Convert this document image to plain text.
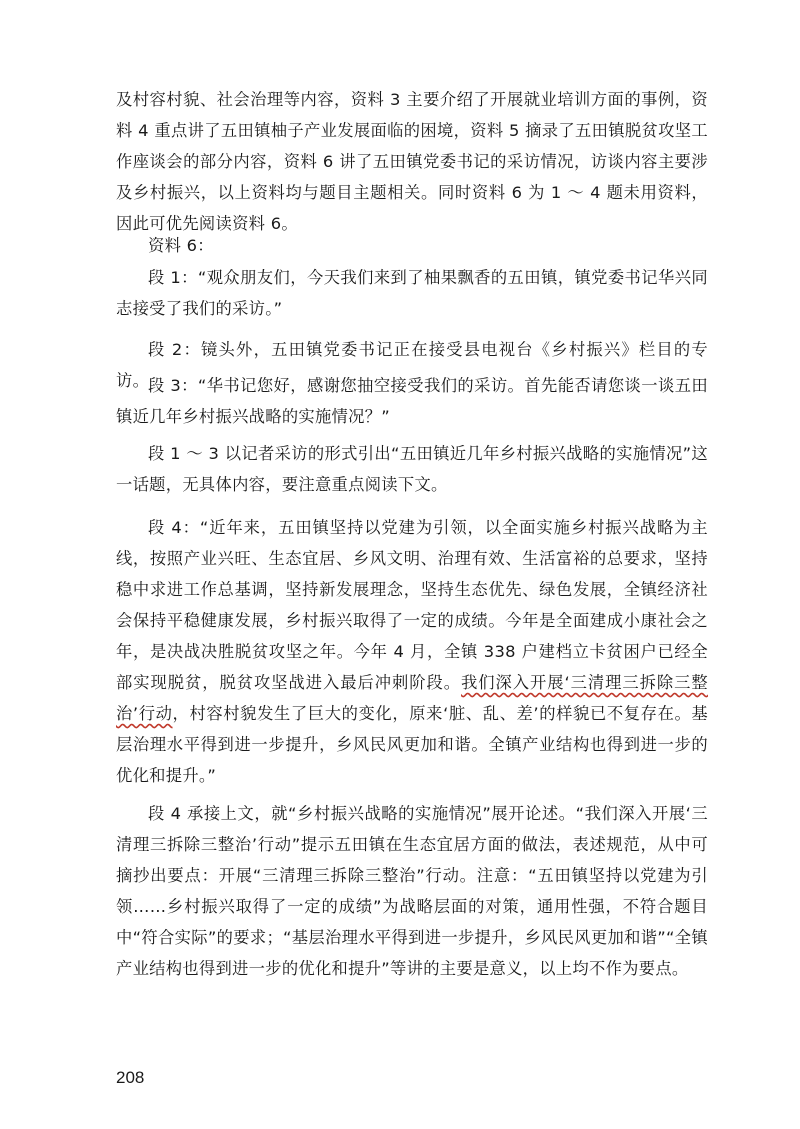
及村容村貌、社会治理等内容，资料 3 主要介绍了开展就业培训方面的事例，资料 4 重点讲了五田镇柚子产业发展面临的困境，资料 5 摘录了五田镇脱贫攻坚工作座谈会的部分内容，资料 6 讲了五田镇党委书记的采访情况，访谈内容主要涉及乡村振兴，以上资料均与题目主题相关。同时资料 6 为 1 ～ 4 题未用资料，因此可优先阅读资料 6。

资料 6：

段 1：“观众朋友们，今天我们来到了柚果飘香的五田镇，镇党委书记华兴同志接受了我们的采访。”

段 2：镜头外，五田镇党委书记正在接受县电视台《乡村振兴》栏目的专访。

段 3：“华书记您好，感谢您抽空接受我们的采访。首先能否请您谈一谈五田镇近几年乡村振兴战略的实施情况？”

段 1 ～ 3 以记者采访的形式引出“五田镇近几年乡村振兴战略的实施情况”这一话题，无具体内容，要注意重点阅读下文。

段 4：“近年来，五田镇坚持以党建为引领，以全面实施乡村振兴战略为主线，按照产业兴旺、生态宜居、乡风文明、治理有效、生活富裕的总要求，坚持稳中求进工作总基调，坚持新发展理念，坚持生态优先、绿色发展，全镇经济社会保持平稳健康发展，乡村振兴取得了一定的成绩。今年是全面建成小康社会之年，是决战决胜脱贫攻坚之年。今年 4 月，全镇 338 户建档立卡贫困户已经全部实现脱贫，脱贫攻坚战进入最后冲刺阶段。我们深入开展‘三清理三拆除三整治’行动，村容村貌发生了巨大的变化，原来‘脏、乱、差’的样貌已不复存在。基层治理水平得到进一步提升，乡风民风更加和谐。全镇产业结构也得到进一步的优化和提升。”

段 4 承接上文，就“乡村振兴战略的实施情况”展开论述。“我们深入开展‘三清理三拆除三整治’行动”提示五田镇在生态宜居方面的做法，表述规范，从中可摘抄出要点：开展“三清理三拆除三整治”行动。注意：“五田镇坚持以党建为引领……乡村振兴取得了一定的成绩”为战略层面的对策，通用性强，不符合题目中“符合实际”的要求；“基层治理水平得到进一步提升，乡风民风更加和谐”“全镇产业结构也得到进一步的优化和提升”等讲的主要是意义，以上均不作为要点。

208
